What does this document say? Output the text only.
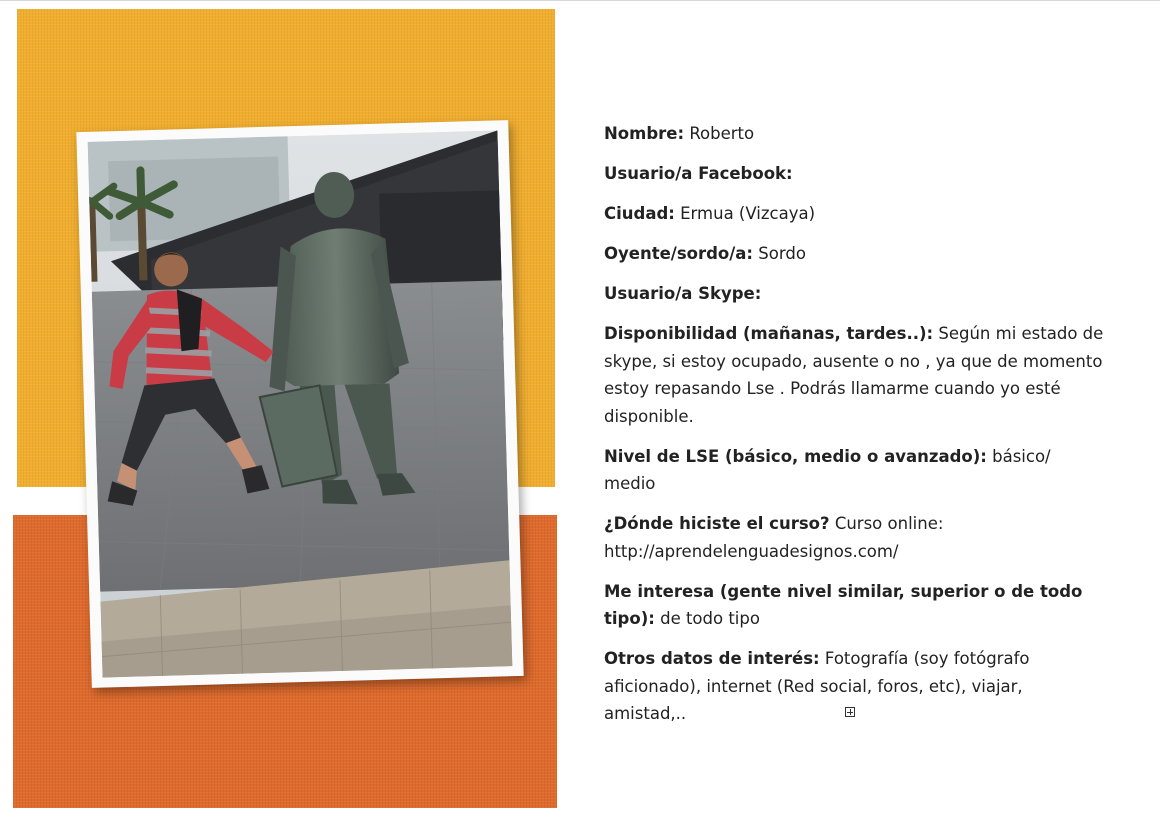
Nombre: Roberto
Usuario/a Facebook:
Ciudad: Ermua (Vizcaya)
Oyente/sordo/a: Sordo
Usuario/a Skype:
Disponibilidad (mañanas, tardes..): Según mi estado de skype, si estoy ocupado, ausente o no , ya que de momento estoy repasando Lse . Podrás llamarme cuando yo esté disponible.
Nivel de LSE (básico, medio o avanzado): básico/ medio
¿Dónde hiciste el curso? Curso online: http://aprendelenguadesignos.com/
Me interesa (gente nivel similar, superior o de todo tipo): de todo tipo
Otros datos de interés: Fotografía (soy fotógrafo aficionado), internet (Red social, foros, etc), viajar, amistad,..
